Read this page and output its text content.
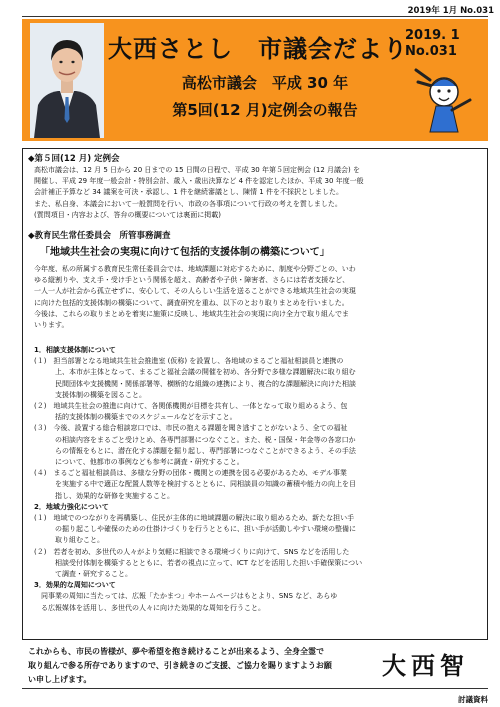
2019年 1月 No.031
大西さとし　市議会だより
2019. 1
No.031
高松市議会　平成 30 年
第5回(12 月)定例会の報告
◆第５回(12 月) 定例会
高松市議会は、12 月 5 日から 20 日までの 15 日間の日程で、平成 30 年第５回定例会 (12 月議会) を
開催し、平成 29 年度一般会計・特別会計、歳入・歳出決算など 4 件を認定したほか、平成 30 年度一般
会計補正予算など 34 議案を可決・承認し、1 件を継続審議とし、陳情 1 件を不採択としました。
また、私自身、本議会において一般質問を行い、市政の各事項について行政の考えを質しました。
(質問項目・内容および、答弁の概要については裏面に掲載)
◆教育民生常任委員会　所管事務調査
「地域共生社会の実現に向けて包括的支援体制の構築について」
今年度、私の所属する教育民生常任委員会では、地域課題に対応するために、制度や分野ごとの、いわ
ゆる縦割りや、支え手・受け手という関係を超え、高齢者や子供・障害者、さらには若者支援など、
一人一人が社会から孤立せずに、安心して、その人らしい生活を送ることができる地域共生社会の実現
に向けた包括的支援体制の構築について、調査研究を重ね、以下のとおり取りまとめを行いました。
今後は、これらの取りまとめを着実に施策に反映し、地域共生社会の実現に向け全力で取り組んでま
いります。
1．相談支援体制について
(１)　担当部署となる地域共生社会推進室 (仮称) を設置し、各地域のまるごと福祉相談員と連携の
　　　上、本市が主体となって、まるごと福祉会議の開催を初め、各分野で多様な課題解決に取り組む
　　　民間団体や支援機関・関係部署等、横断的な組織の連携により、複合的な課題解決に向けた相談
　　　支援体制の構築を図ること。
(２)　地域共生社会の推進に向けて、各関係機関が目標を共有し、一体となって取り組めるよう、包
　　　括的支援体制の構築までのスケジュールなどを示すこと。
(３)　今後、設置する総合相談窓口では、市民の抱える課題を聞き逃すことがないよう、全ての福祉
　　　の相談内容をまるごと受けとめ、各専門部署につなぐこと。また、税・国保・年金等の各窓口か
　　　らの情報をもとに、潜在化する課題を掘り起し、専門部署につなぐことができるよう、その手法
　　　について、他都市の事例なども参考に調査・研究すること。
(４)　まるごと福祉相談員は、多様な分野の団体・機関との連携を図る必要があるため、モデル事業
　　　を実施する中で適正な配置人数等を検討するとともに、同相談員の知識の蓄積や能力の向上を目
　　　指し、効果的な研修を実施すること。
2．地域力強化について
(１)　地域でのつながりを再構築し、住民が主体的に地域課題の解決に取り組めるため、新たな担い手
　　　の掘り起こしや確保のための仕掛けづくりを行うとともに、担い手が活動しやすい環境の整備に
　　　取り組むこと。
(２)　若者を初め、多世代の人々がより気軽に相談できる環境づくりに向けて、SNS などを活用した
　　　相談受付体制を構築するとともに、若者の視点に立って、ICT などを活用した担い手確保策につい
　　　て調査・研究すること。
3．効果的な周知について
　同事業の周知に当たっては、広報「たかまつ」やホームページはもとより、SNS など、あらゆ
　る広報媒体を活用し、多世代の人々に向けた効果的な周知を行うこと。
これからも、市民の皆様が、夢や希望を抱き続けることが出来るよう、全身全霊で
取り組んで参る所存でありますので、引き続きのご支援、ご協力を賜りますようお願
い申し上げます。	大西智
討議資料
